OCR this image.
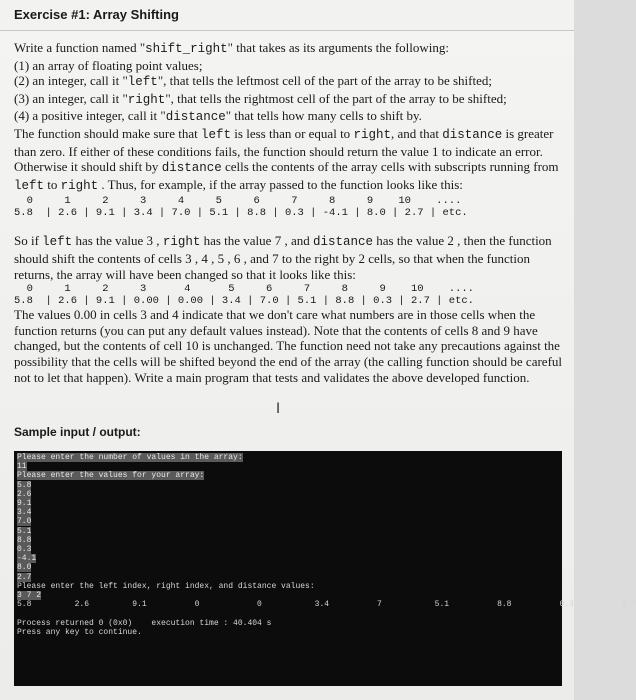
Exercise #1: Array Shifting

Write a function named "shift_right" that takes as its arguments the following:

(1) an array of floating point values;

(2) an integer, call it "left", that tells the leftmost cell of the part of the array to be shifted;

(3) an integer, call it "right", that tells the rightmost cell of the part of the array to be shifted;

(4) a positive integer, call it "distance" that tells how many cells to shift by.

The function should make sure that left is less than or equal to right, and that distance is greater than zero. If either of these conditions fails, the function should return the value 1 to indicate an error. Otherwise it should shift by distance cells the contents of the array cells with subscripts running from left to right . Thus, for example, if the array passed to the function looks like this:

0     1     2     3     4     5     6     7     8     9    10    ....
5.8  | 2.6 | 9.1 | 3.4 | 7.0 | 5.1 | 8.8 | 0.3 | -4.1 | 8.0 | 2.7 | etc.

So if left has the value 3 , right has the value 7 , and distance has the value 2 , then the function should shift the contents of cells 3 , 4 , 5 , 6 , and 7 to the right by 2 cells, so that when the function returns, the array will have been changed so that it looks like this:

0     1     2     3      4      5     6     7     8     9    10    ....
5.8  | 2.6 | 9.1 | 0.00 | 0.00 | 3.4 | 7.0 | 5.1 | 8.8 | 0.3 | 2.7 | etc.

The values 0.00 in cells 3 and 4 indicate that we don't care what numbers are in those cells when the function returns (you can put any default values instead). Note that the contents of cells 8 and 9 have changed, but the contents of cell 10 is unchanged. The function need not take any precautions against the possibility that the cells will be shifted beyond the end of the array (the calling function should be careful not to let that happen). Write a main program that tests and validates the above developed function.

I
Sample input / output:
Please enter the number of values in the array:
11
Please enter the values for your array:
5.8
2.6
9.1
3.4
7.0
5.1
8.8
0.3
-4.1
8.0
2.7
Please enter the left index, right index, and distance values:
3 7 2
5.8         2.6         9.1          0            0           3.4          7           5.1          8.8          0.3          2.7

Process returned 0 (0x0)    execution time : 40.404 s
Press any key to continue.
